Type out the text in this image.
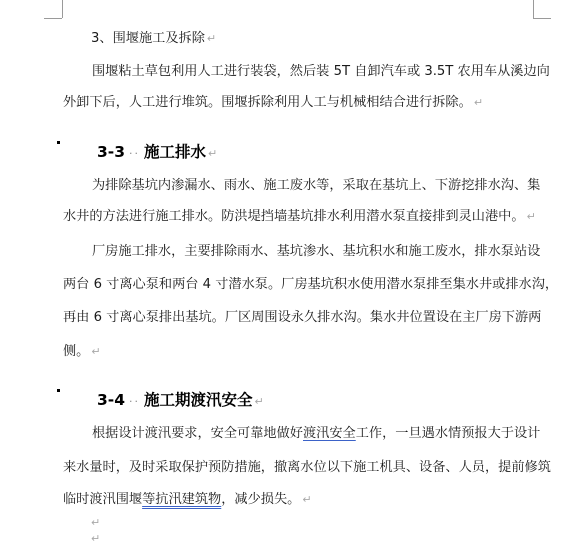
3、围堰施工及拆除 ↵
围堰粘土草包利用人工进行装袋，然后装 5T 自卸汽车或 3.5T 农用车从溪边向
外卸下后，人工进行堆筑。围堰拆除利用人工与机械相结合进行拆除。 ↵
3-3 ·· 施工排水 ↵
为排除基坑内渗漏水、雨水、施工废水等，采取在基坑上、下游挖排水沟、集
水井的方法进行施工排水。防洪堤挡墙基坑排水利用潜水泵直接排到灵山港中。 ↵
厂房施工排水，主要排除雨水、基坑渗水、基坑积水和施工废水，排水泵站设
两台 6 寸离心泵和两台 4 寸潜水泵。厂房基坑积水使用潜水泵排至集水井或排水沟，
再由 6 寸离心泵排出基坑。厂区周围设永久排水沟。集水井位置设在主厂房下游两
侧。 ↵
3-4 ·· 施工期渡汛安全 ↵
根据设计渡汛要求，安全可靠地做好渡汛安全工作，一旦遇水情预报大于设计
来水量时，及时采取保护预防措施，撤离水位以下施工机具、设备、人员，提前修筑
临时渡汛围堰等抗汛建筑物，减少损失。 ↵
↵
↵
